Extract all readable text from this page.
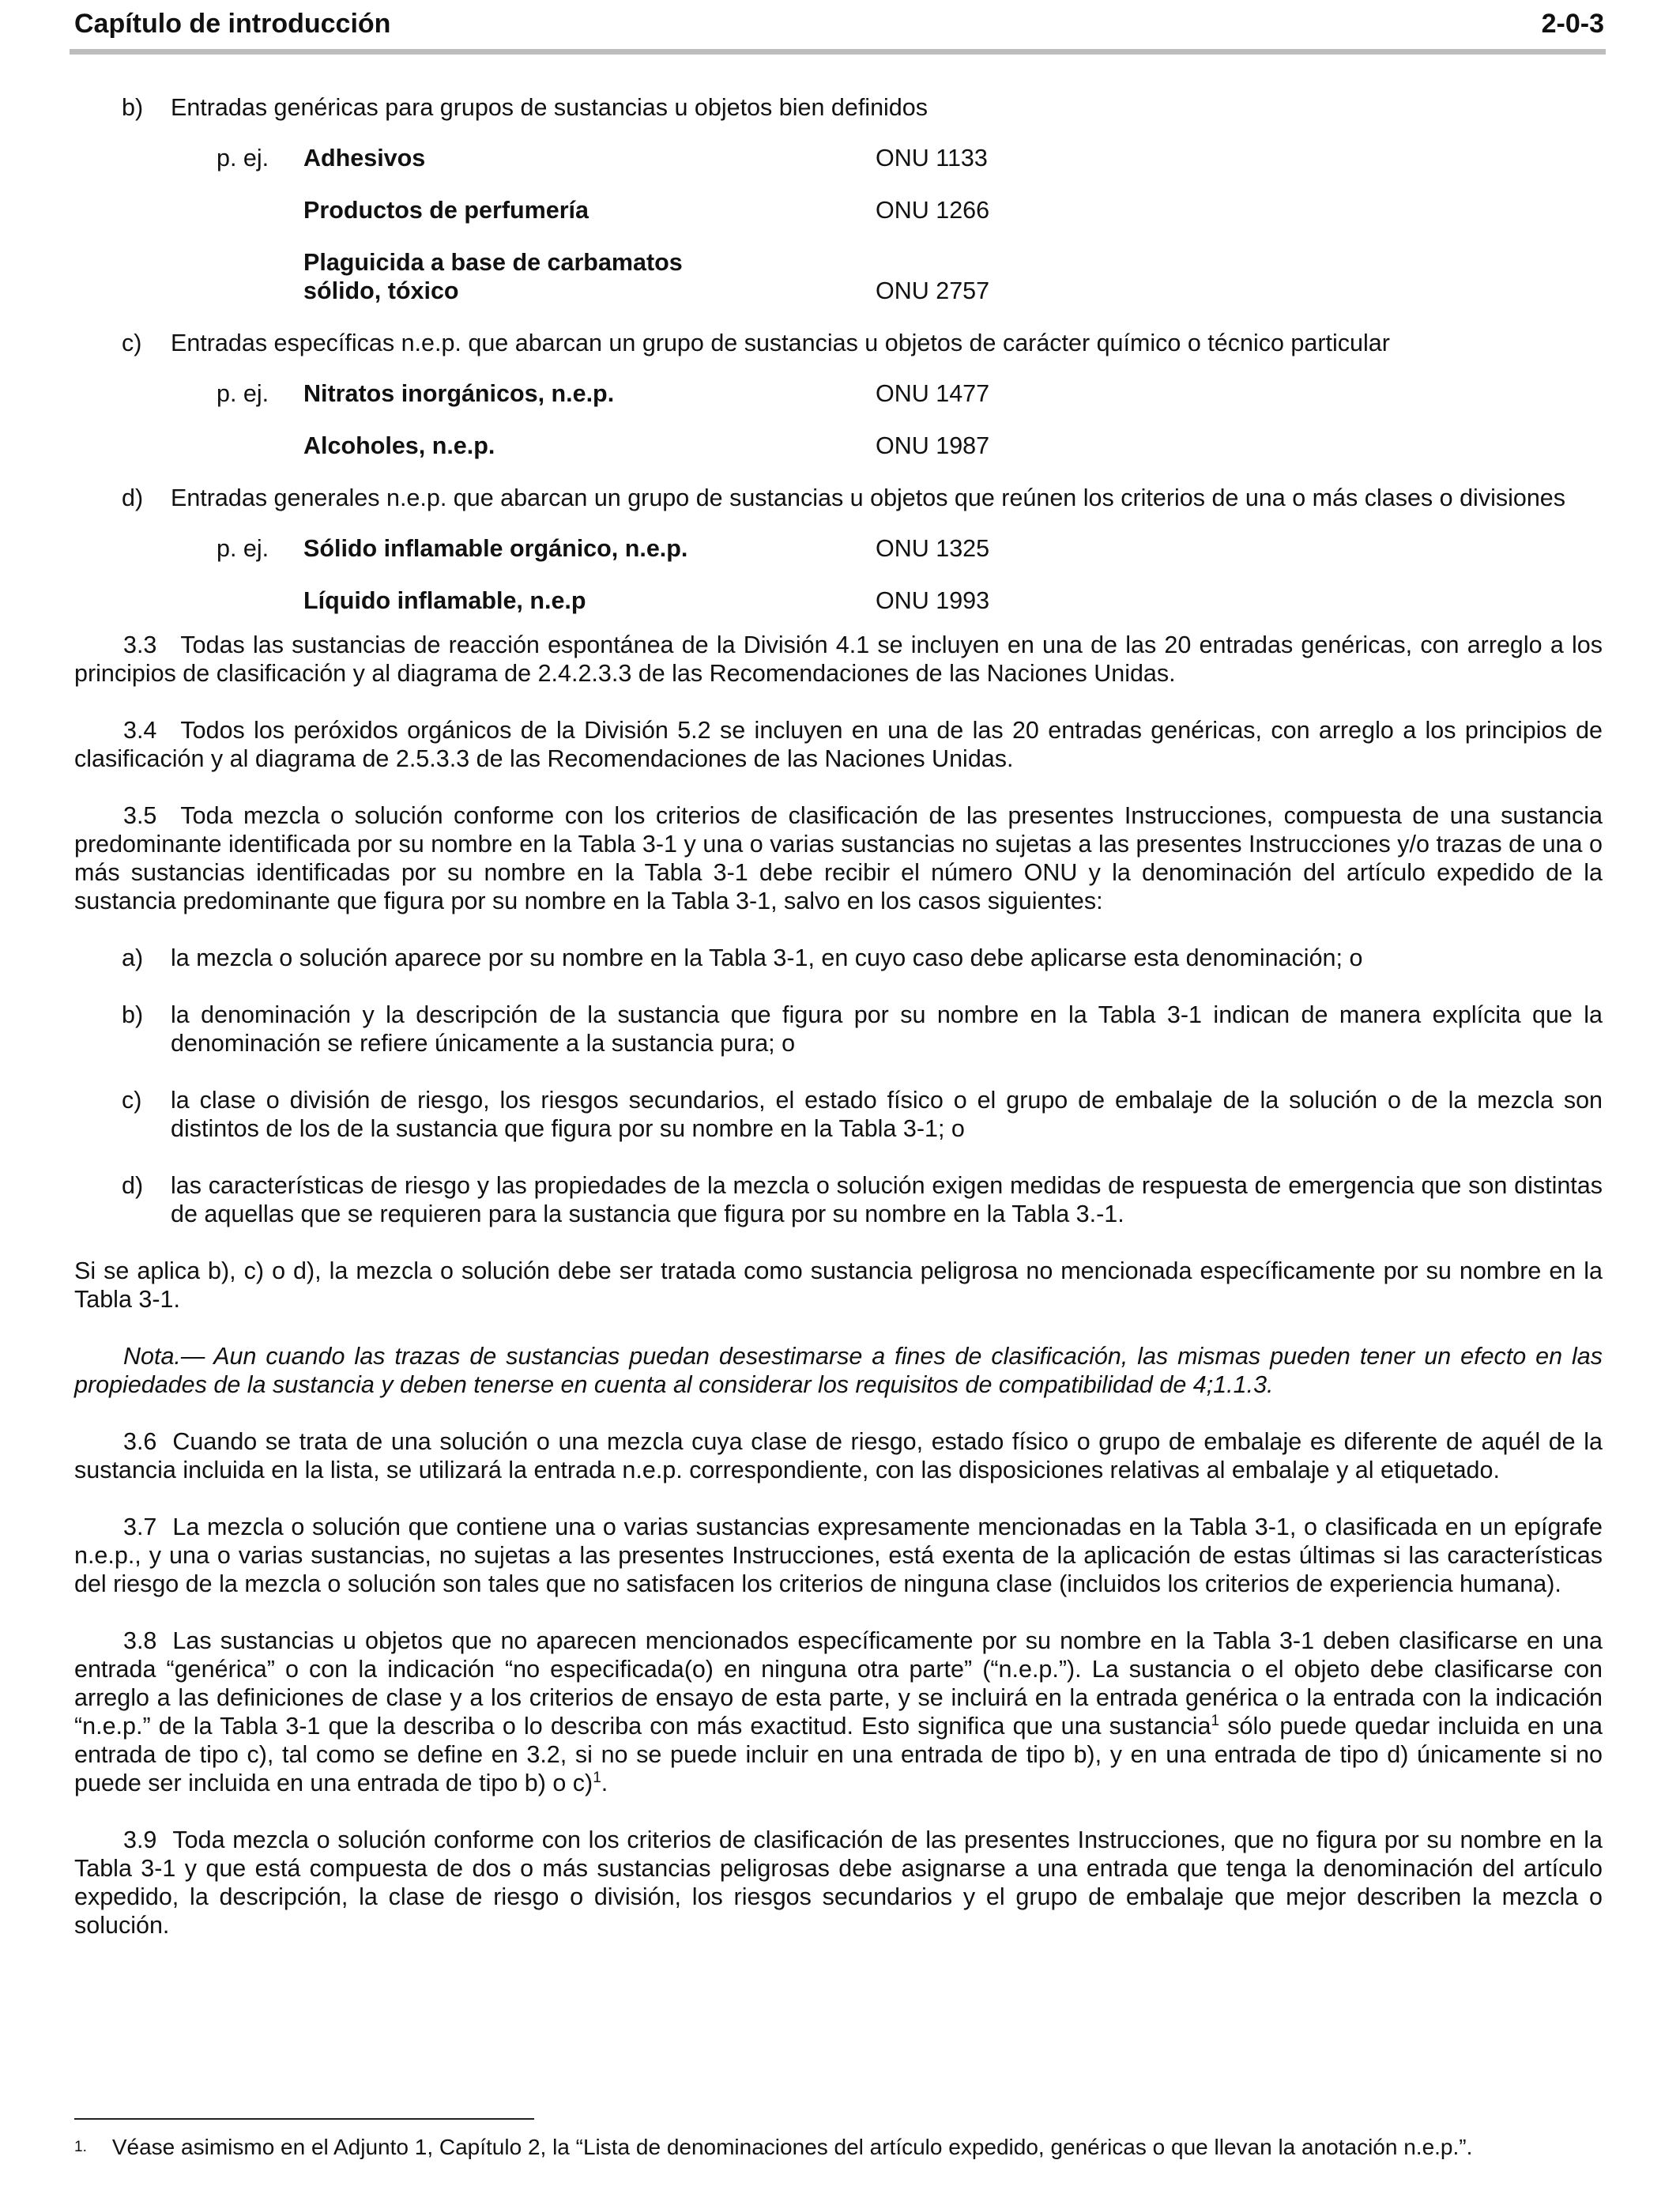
Capítulo de introducción	2-0-3
b) Entradas genéricas para grupos de sustancias u objetos bien definidos
p. ej. Adhesivos	ONU 1133
Productos de perfumería	ONU 1266
Plaguicida a base de carbamatos sólido, tóxico	ONU 2757
c) Entradas específicas n.e.p. que abarcan un grupo de sustancias u objetos de carácter químico o técnico particular
p. ej. Nitratos inorgánicos, n.e.p.	ONU 1477
Alcoholes, n.e.p.	ONU 1987
d) Entradas generales n.e.p. que abarcan un grupo de sustancias u objetos que reúnen los criterios de una o más clases o divisiones
p. ej. Sólido inflamable orgánico, n.e.p.	ONU 1325
Líquido inflamable, n.e.p	ONU 1993

3.3 Todas las sustancias de reacción espontánea de la División 4.1 se incluyen en una de las 20 entradas genéricas, con arreglo a los principios de clasificación y al diagrama de 2.4.2.3.3 de las Recomendaciones de las Naciones Unidas.

3.4 Todos los peróxidos orgánicos de la División 5.2 se incluyen en una de las 20 entradas genéricas, con arreglo a los principios de clasificación y al diagrama de 2.5.3.3 de las Recomendaciones de las Naciones Unidas.

3.5 Toda mezcla o solución conforme con los criterios de clasificación de las presentes Instrucciones, compuesta de una sustancia predominante identificada por su nombre en la Tabla 3-1 y una o varias sustancias no sujetas a las presentes Instrucciones y/o trazas de una o más sustancias identificadas por su nombre en la Tabla 3-1 debe recibir el número ONU y la denominación del artículo expedido de la sustancia predominante que figura por su nombre en la Tabla 3-1, salvo en los casos siguientes:

a) la mezcla o solución aparece por su nombre en la Tabla 3-1, en cuyo caso debe aplicarse esta denominación; o
b) la denominación y la descripción de la sustancia que figura por su nombre en la Tabla 3-1 indican de manera explícita que la denominación se refiere únicamente a la sustancia pura; o
c) la clase o división de riesgo, los riesgos secundarios, el estado físico o el grupo de embalaje de la solución o de la mezcla son distintos de los de la sustancia que figura por su nombre en la Tabla 3-1; o
d) las características de riesgo y las propiedades de la mezcla o solución exigen medidas de respuesta de emergencia que son distintas de aquellas que se requieren para la sustancia que figura por su nombre en la Tabla 3.-1.

Si se aplica b), c) o d), la mezcla o solución debe ser tratada como sustancia peligrosa no mencionada específicamente por su nombre en la Tabla 3-1.

Nota.— Aun cuando las trazas de sustancias puedan desestimarse a fines de clasificación, las mismas pueden tener un efecto en las propiedades de la sustancia y deben tenerse en cuenta al considerar los requisitos de compatibilidad de 4;1.1.3.

3.6 Cuando se trata de una solución o una mezcla cuya clase de riesgo, estado físico o grupo de embalaje es diferente de aquél de la sustancia incluida en la lista, se utilizará la entrada n.e.p. correspondiente, con las disposiciones relativas al embalaje y al etiquetado.

3.7 La mezcla o solución que contiene una o varias sustancias expresamente mencionadas en la Tabla 3-1, o clasificada en un epígrafe n.e.p., y una o varias sustancias, no sujetas a las presentes Instrucciones, está exenta de la aplicación de estas últimas si las características del riesgo de la mezcla o solución son tales que no satisfacen los criterios de ninguna clase (incluidos los criterios de experiencia humana).

3.8 Las sustancias u objetos que no aparecen mencionados específicamente por su nombre en la Tabla 3-1 deben clasificarse en una entrada “genérica” o con la indicación “no especificada(o) en ninguna otra parte” (“n.e.p.”). La sustancia o el objeto debe clasificarse con arreglo a las definiciones de clase y a los criterios de ensayo de esta parte, y se incluirá en la entrada genérica o la entrada con la indicación “n.e.p.” de la Tabla 3-1 que la describa o lo describa con más exactitud. Esto significa que una sustancia$^1$ sólo puede quedar incluida en una entrada de tipo c), tal como se define en 3.2, si no se puede incluir en una entrada de tipo b), y en una entrada de tipo d) únicamente si no puede ser incluida en una entrada de tipo b) o c)$^1$.

3.9 Toda mezcla o solución conforme con los criterios de clasificación de las presentes Instrucciones, que no figura por su nombre en la Tabla 3-1 y que está compuesta de dos o más sustancias peligrosas debe asignarse a una entrada que tenga la denominación del artículo expedido, la descripción, la clase de riesgo o división, los riesgos secundarios y el grupo de embalaje que mejor describen la mezcla o solución.

$^{1.}$ Véase asimismo en el Adjunto 1, Capítulo 2, la “Lista de denominaciones del artículo expedido, genéricas o que llevan la anotación n.e.p.”.
